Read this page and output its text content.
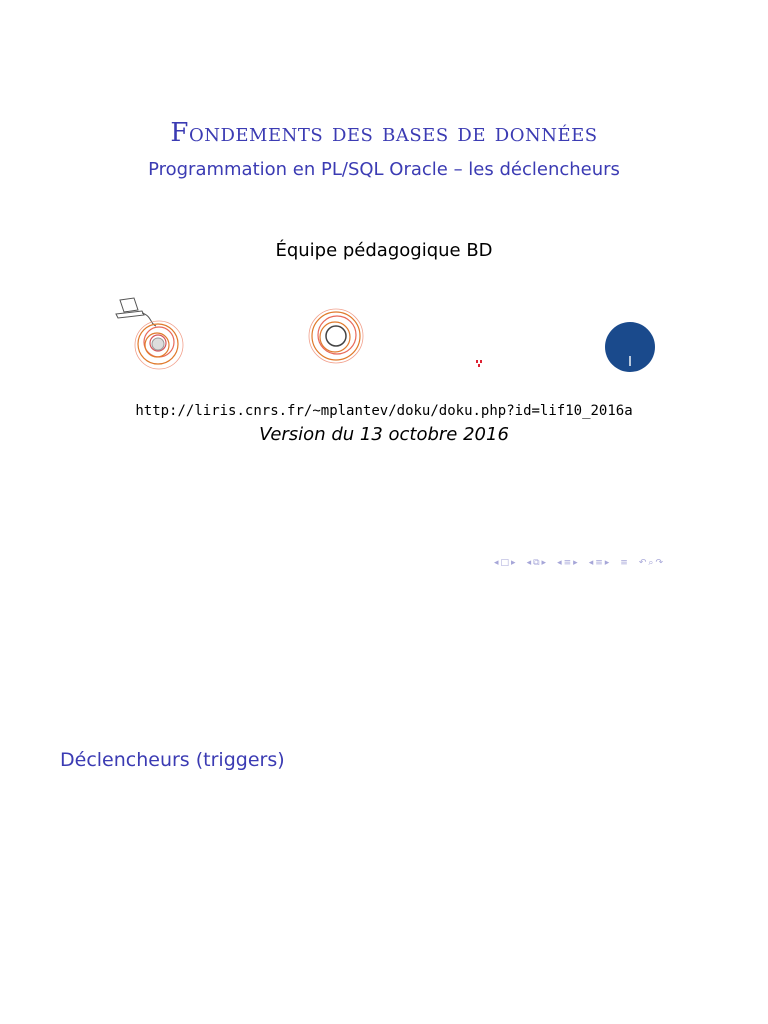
Fondements des bases de données
Programmation en PL/SQL Oracle – les déclencheurs
Équipe pédagogique BD
http://liris.cnrs.fr/~mplantev/doku/doku.php?id=lif10_2016a
Version du 13 octobre 2016
◂ □ ▸ ◂ ⧉ ▸ ◂ ≡ ▸ ◂ ≡ ▸ ≡ ↶ ⌕ ↷
Déclencheurs (triggers)
